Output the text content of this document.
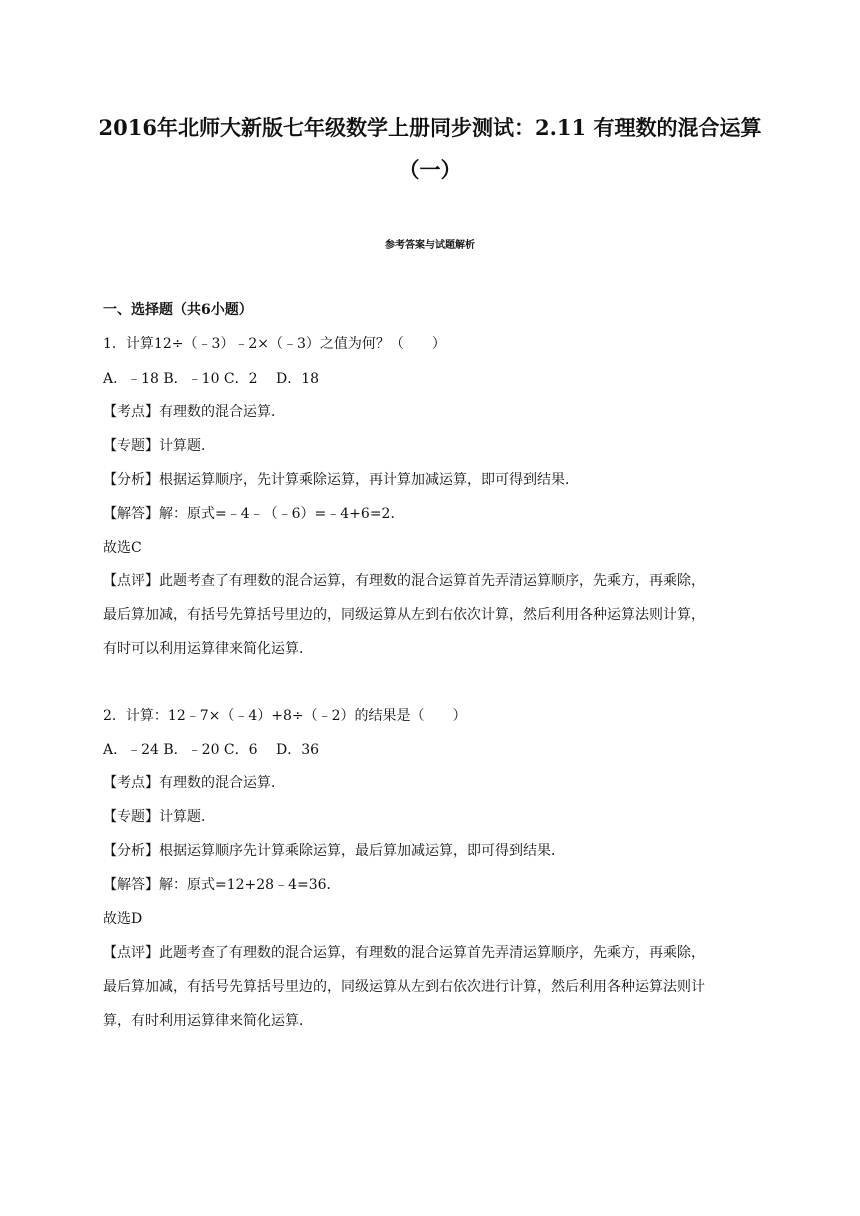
2016年北师大新版七年级数学上册同步测试：2.11 有理数的混合运算
（一）
参考答案与试题解析
一、选择题（共6小题）
1．计算12÷（﹣3）﹣2×（﹣3）之值为何？（　　）
A．﹣18 B．﹣10 C．2　 D．18
【考点】有理数的混合运算．
【专题】计算题．
【分析】根据运算顺序，先计算乘除运算，再计算加减运算，即可得到结果．
【解答】解：原式=﹣4﹣（﹣6）=﹣4+6=2．
故选C
【点评】此题考查了有理数的混合运算，有理数的混合运算首先弄清运算顺序，先乘方，再乘除，
最后算加减，有括号先算括号里边的，同级运算从左到右依次计算，然后利用各种运算法则计算，
有时可以利用运算律来简化运算．
2．计算：12﹣7×（﹣4）+8÷（﹣2）的结果是（　　）
A．﹣24 B．﹣20 C．6　 D．36
【考点】有理数的混合运算．
【专题】计算题．
【分析】根据运算顺序先计算乘除运算，最后算加减运算，即可得到结果．
【解答】解：原式=12+28﹣4=36．
故选D
【点评】此题考查了有理数的混合运算，有理数的混合运算首先弄清运算顺序，先乘方，再乘除，
最后算加减，有括号先算括号里边的，同级运算从左到右依次进行计算，然后利用各种运算法则计
算，有时利用运算律来简化运算．
